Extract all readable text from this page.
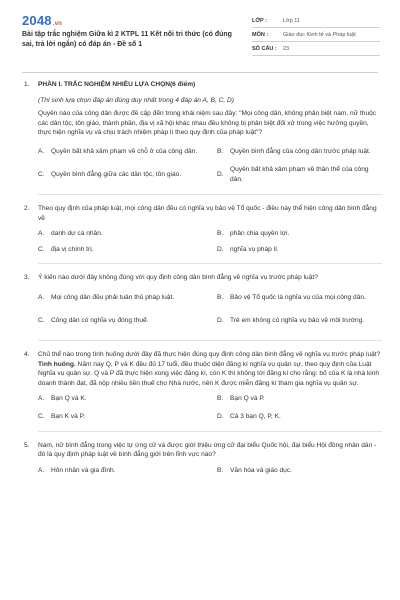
2048.vn
Bài tập trắc nghiệm Giữa kì 2 KTPL 11 Kết nối tri thức (có đúng sai, trả lời ngắn) có đáp án - Đề số 1
LỚP :	Lớp 11
MÔN :	Giáo dục Kinh tế và Pháp luật
SỐ CÂU :	23
1. PHẦN I. TRẮC NGHIỆM NHIỀU LỰA CHỌN(6 điểm)
(Thí sinh lựa chọn đáp án đúng duy nhất trong 4 đáp án A, B, C, D)
Quyền nào của công dân được đề cập đến trong khái niệm sau đây: "Mọi công dân, không phân biệt nam, nữ thuộc các dân tộc, tôn giáo, thành phần, địa vị xã hội khác nhau đều không bị phân biệt đối xử trong việc hưởng quyền, thực hiện nghĩa vụ và chịu trách nhiệm pháp lí theo quy định của pháp luật"?
A. Quyền bất khả xâm phạm về chỗ ở của công dân.	B. Quyền bình đẳng của công dân trước pháp luật.
C. Quyền bình đẳng giữa các dân tộc, tôn giáo.	D.
Quyền bất khả xâm phạm về thân thể của công dân.
2. Theo quy định của pháp luật, mọi công dân đều có nghĩa vụ bảo vệ Tổ quốc - điều này thể hiện công dân bình đẳng về
A. danh dự cá nhân.	B. phân chia quyền lợi.
C. địa vị chính trị.	D. nghĩa vụ pháp lí.
3. Ý kiến nào dưới đây không đúng với quy định công dân bình đẳng về nghĩa vụ trước pháp luật?
A. Mọi công dân đều phải tuân thủ pháp luật.	B. Bảo vệ Tổ quốc là nghĩa vụ của mọi công dân.
C. Công dân có nghĩa vụ đóng thuế.	D. Trẻ em không có nghĩa vụ bảo vệ môi trường.
4. Chủ thể nào trong tình huống dưới đây đã thực hiện đúng quy định công dân bình đẳng về nghĩa vụ trước pháp luật?
Tình huống. Năm nay Q, P và K đều đủ 17 tuổi, đều thuộc diện đăng kí nghĩa vụ quân sự, theo quy định của Luật Nghĩa vụ quân sự. Q và P đã thực hiện xong việc đăng kí, còn K thì không tới đăng kí cho rằng: bố của K là nhà kinh doanh thành đạt, đã nộp nhiều tiền thuế cho Nhà nước, nên K được miễn đăng kí tham gia nghĩa vụ quân sự.
A. Bạn Q và K.	B. Bạn Q và P.
C. Bạn K và P.	D. Cả 3 bạn Q, P, K.
5. Nam, nữ bình đẳng trong việc tự ứng cử và được giới thiệu ứng cử đại biểu Quốc hội, đại biểu Hội đồng nhân dân - đó là quy định pháp luật về bình đẳng giới trên lĩnh vực nào?
A. Hôn nhân và gia đình.	B. Văn hóa và giáo dục.
